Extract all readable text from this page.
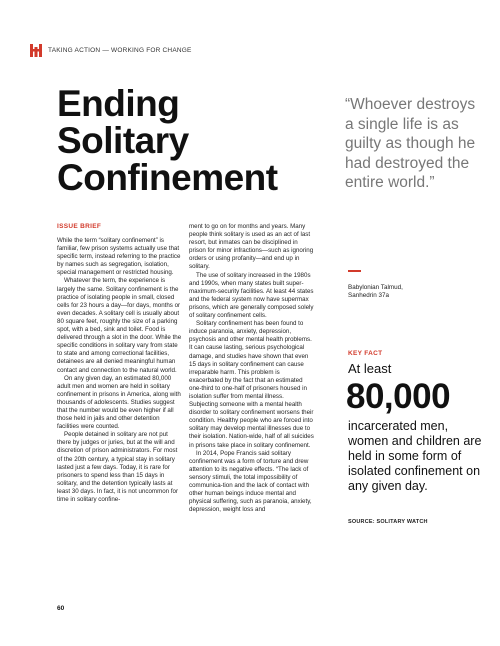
TAKING ACTION — WORKING FOR CHANGE
Ending
Solitary
Confinement
ISSUE BRIEF

While the term “solitary confinement” is familiar, few prison systems actually use that specific term, instead referring to the practice by names such as segregation, isolation, special management or restricted housing.

Whatever the term, the experience is largely the same. Solitary confinement is the practice of isolating people in small, closed cells for 23 hours a day—for days, months or even decades. A solitary cell is usually about 80 square feet, roughly the size of a parking spot, with a bed, sink and toilet. Food is delivered through a slot in the door. While the specific conditions in solitary vary from state to state and among correctional facilities, detainees are all denied meaningful human contact and connection to the natural world.

On any given day, an estimated 80,000 adult men and women are held in solitary confinement in prisons in America, along with thousands of adolescents. Studies suggest that the number would be even higher if all those held in jails and other detention facilities were counted.

People detained in solitary are not put there by judges or juries, but at the will and discretion of prison administrators. For most of the 20th century, a typical stay in solitary lasted just a few days. Today, it is rare for prisoners to spend less than 15 days in solitary, and the detention typically lasts at least 30 days. In fact, it is not uncommon for time in solitary confine-

ment to go on for months and years. Many people think solitary is used as an act of last resort, but inmates can be disciplined in prison for minor infractions—such as ignoring orders or using profanity—and end up in solitary.

The use of solitary increased in the 1980s and 1990s, when many states built super-maximum-security facilities. At least 44 states and the federal system now have supermax prisons, which are generally composed solely of solitary confinement cells.

Solitary confinement has been found to induce paranoia, anxiety, depression, psychosis and other mental health problems. It can cause lasting, serious psychological damage, and studies have shown that even 15 days in solitary confinement can cause irreparable harm. This problem is exacerbated by the fact that an estimated one-third to one-half of prisoners housed in isolation suffer from mental illness. Subjecting someone with a mental health disorder to solitary confinement worsens their condition. Healthy people who are forced into solitary may develop mental illnesses due to their isolation. Nation-wide, half of all suicides in prisons take place in solitary confinement.

In 2014, Pope Francis said solitary confinement was a form of torture and drew attention to its negative effects. “The lack of sensory stimuli, the total impossibility of communica-tion and the lack of contact with other human beings induce mental and physical suffering, such as paranoia, anxiety, depression, weight loss and

“Whoever destroys a single life is as guilty as though he had destroyed the entire world.”
Babylonian Talmud,
Sanhedrin 37a
KEY FACT
At least
80,000
incarcerated men, women and children are held in some form of isolated confinement on any given day.
SOURCE: SOLITARY WATCH
60
